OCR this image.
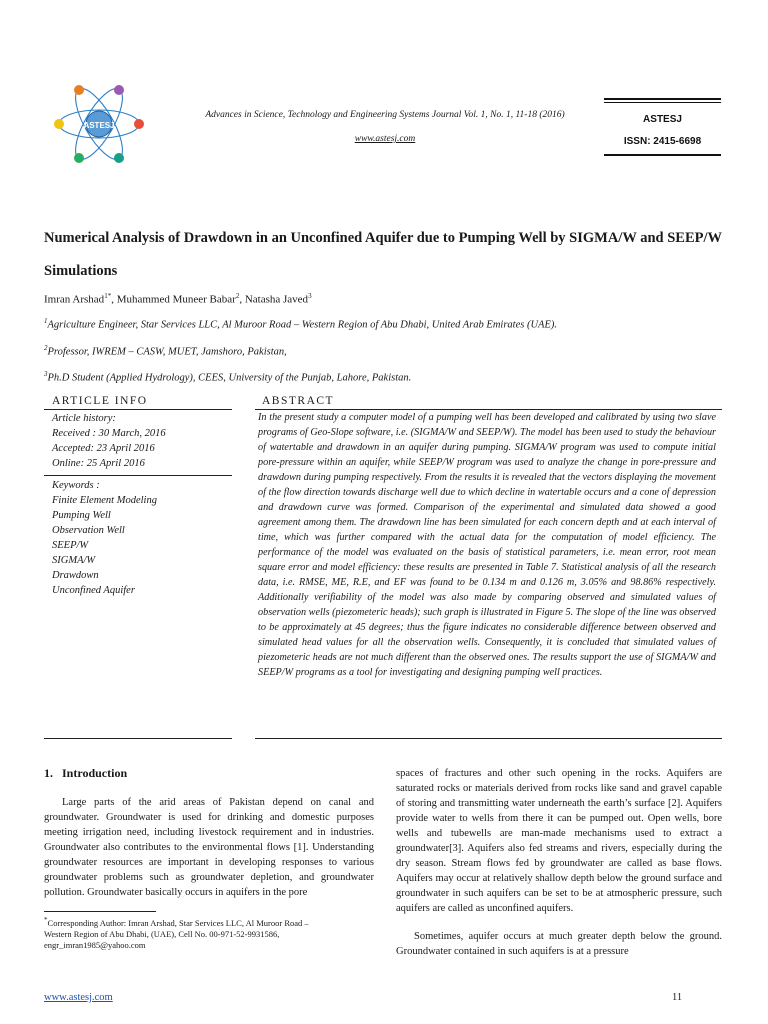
ASTESJ
Advances in Science, Technology and Engineering Systems Journal Vol. 1, No. 1, 11-18 (2016)
www.astesj.com
ASTESJ
ISSN: 2415-6698
Numerical Analysis of Drawdown in an Unconfined Aquifer due to Pumping Well by SIGMA/W and SEEP/W Simulations
Imran Arshad$^{1*}$, Muhammed Muneer Babar$^2$, Natasha Javed$^3$
$^1$Agriculture Engineer, Star Services LLC, Al Muroor Road – Western Region of Abu Dhabi, United Arab Emirates (UAE).
$^2$Professor, IWREM – CASW, MUET, Jamshoro, Pakistan,
$^3$Ph.D Student (Applied Hydrology), CEES, University of the Punjab, Lahore, Pakistan.
ARTICLE INFO
Article history:
Received : 30 March, 2016
Accepted: 23 April 2016
Online: 25 April 2016
Keywords :
Finite Element Modeling
Pumping Well
Observation Well
SEEP/W
SIGMA/W
Drawdown
Unconfined Aquifer
ABSTRACT
In the present study a computer model of a pumping well has been developed and calibrated by using two slave programs of Geo-Slope software, i.e. (SIGMA/W and SEEP/W). The model has been used to study the behaviour of watertable and drawdown in an aquifer during pumping. SIGMA/W program was used to compute initial pore-pressure within an aquifer, while SEEP/W program was used to analyze the change in pore-pressure and drawdown during pumping respectively. From the results it is revealed that the vectors displaying the movement of the flow direction towards discharge well due to which decline in watertable occurs and a cone of depression and drawdown curve was formed. Comparison of the experimental and simulated data showed a good agreement among them. The drawdown line has been simulated for each concern depth and at each interval of time, which was further compared with the actual data for the computation of model efficiency. The performance of the model was evaluated on the basis of statistical parameters, i.e. mean error, root mean square error and model efficiency: these results are presented in Table 7. Statistical analysis of all the research data, i.e. RMSE, ME, R.E, and EF was found to be 0.134 m and 0.126 m, 3.05% and 98.86% respectively. Additionally verifiability of the model was also made by comparing observed and simulated values of observation wells (piezometeric heads); such graph is illustrated in Figure 5. The slope of the line was observed to be approximately at 45 degrees; thus the figure indicates no considerable difference between observed and simulated head values for all the observation wells. Consequently, it is concluded that simulated values of piezometeric heads are not much different than the observed ones. The results support the use of SIGMA/W and SEEP/W programs as a tool for investigating and designing pumping well practices.
1. Introduction
Large parts of the arid areas of Pakistan depend on canal and groundwater. Groundwater is used for drinking and domestic purposes meeting irrigation need, including livestock requirement and in industries. Groundwater also contributes to the environmental flows [1]. Understanding groundwater resources are important in developing responses to various groundwater problems such as groundwater depletion, and groundwater pollution. Groundwater basically occurs in aquifers in the pore
spaces of fractures and other such opening in the rocks. Aquifers are saturated rocks or materials derived from rocks like sand and gravel capable of storing and transmitting water underneath the earth’s surface [2]. Aquifers provide water to wells from there it can be pumped out. Open wells, bore wells and tubewells are man-made mechanisms used to extract a groundwater[3]. Aquifers also fed streams and rivers, especially during the dry season. Stream flows fed by groundwater are called as base flows. Aquifers may occur at relatively shallow depth below the ground surface and groundwater in such aquifers can be set to be at atmospheric pressure, such aquifers are called as unconfined aquifers.
Sometimes, aquifer occurs at much greater depth below the ground. Groundwater contained in such aquifers is at a pressure
*Corresponding Author: Imran Arshad, Star Services LLC, Al Muroor Road –
Western Region of Abu Dhabi, (UAE), Cell No. 00-971-52-9931586,
engr_imran1985@yahoo.com
www.astesj.com	11
